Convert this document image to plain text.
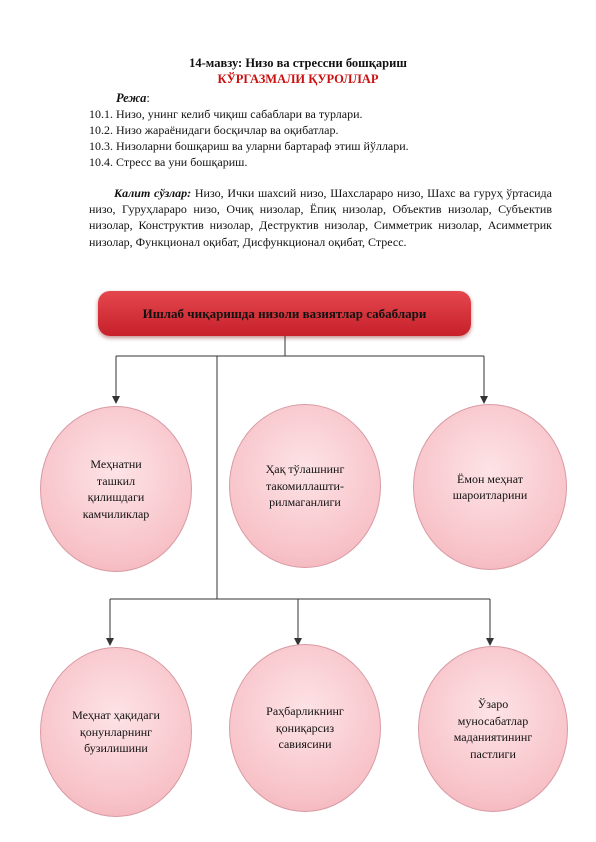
14-мавзу: Низо ва стрессни бошқариш
КЎРГАЗМАЛИ ҚУРОЛЛАР
Режа:
10.1. Низо, унинг келиб чиқиш сабаблари ва турлари.
10.2. Низо жараёнидаги босқичлар ва оқибатлар.
10.3. Низоларни бошқариш ва уларни бартараф этиш йўллари.
10.4. Стресс ва уни бошқариш.
Калит сўзлар: Низо, Ички шахсий низо, Шахслараро низо, Шахс ва гуруҳ ўртасида низо, Гуруҳлараро низо, Очиқ низолар, Ёпиқ низолар, Объектив низолар, Субъектив низолар, Конструктив низолар, Деструктив низолар, Симметрик низолар, Асимметрик низолар, Функционал оқибат, Дисфункционал оқибат, Стресс.
Ишлаб чиқаришда низоли вазиятлар сабаблари
Меҳнатни ташкил қилишдаги камчиликлар
Ҳақ тўлашнинг такомиллашти-рилмаганлиги
Ёмон меҳнат шароитларини
Меҳнат ҳақидаги қонунларнинг бузилишини
Раҳбарликнинг қониқарсиз савиясини
Ўзаро муносабатлар маданиятининг пастлиги
